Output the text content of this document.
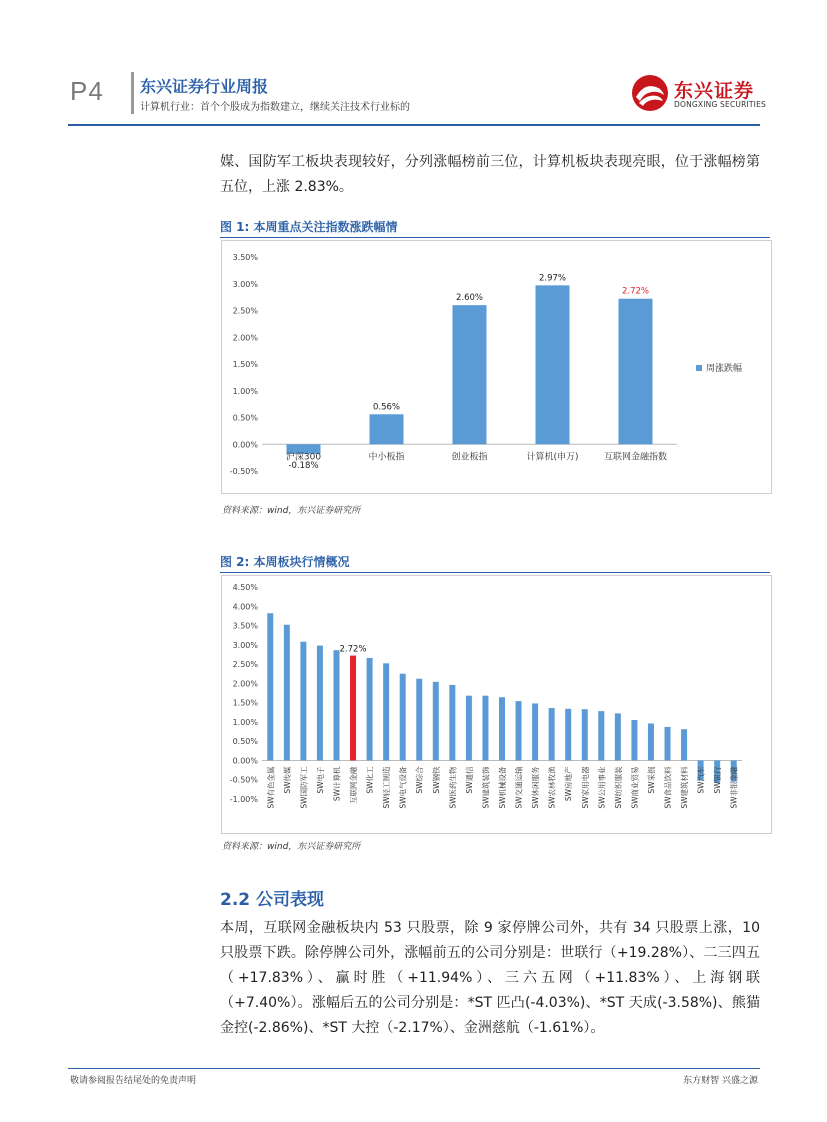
P4 东兴证券行业周报
计算机行业：首个个股成为指数建立，继续关注技术行业标的
东兴证券
DONGXING SECURITIES

媒、国防军工板块表现较好，分列涨幅榜前三位，计算机板块表现亮眼，位于涨幅榜第五位，上涨 2.83%。

图 1: 本周重点关注指数涨跌幅情
-0.50%
0.00%
0.50%
1.00%
1.50%
2.00%
2.50%
3.00%
3.50%
-0.18%
沪深300
0.56%
中小板指
2.60%
创业板指
2.97%
计算机(申万)
2.72%
互联网金融指数
周涨跌幅
资料来源：wind，东兴证券研究所
图 2: 本周板块行情概况
-1.00%
-0.50%
0.00%
0.50%
1.00%
1.50%
2.00%
2.50%
3.00%
3.50%
4.00%
4.50%
SW有色金属 SW传媒 SW国防军工 SW电子 SW计算机 互联网金融
2.72%
SW化工 SW轻工制造 SW电气设备 SW综合 SW钢铁 SW医药生物 SW通信 SW建筑装饰 SW机械设备 SW交通运输 SW休闲服务 SW农林牧渔 SW房地产 SW家用电器 SW公用事业 SW纺织服装 SW商业贸易 SW采掘 SW食品饮料 SW建筑材料 SW汽车 SW银行 SW非银金融
资料来源：wind，东兴证券研究所
2.2 公司表现

本周，互联网金融板块内 53 只股票，除 9 家停牌公司外，共有 34 只股票上涨，10 只股票下跌。除停牌公司外，涨幅前五的公司分别是：世联行（+19.28%）、二三四五（+17.83%）、赢时胜（+11.94%）、三六五网（+11.83%）、上海钢联（+7.40%）。涨幅后五的公司分别是：*ST 匹凸(-4.03%)、*ST 天成(-3.58%)、熊猫金控(-2.86%)、*ST 大控（-2.17%）、金洲慈航（-1.61%）。

敬请参阅报告结尾处的免责声明	东方财智 兴盛之源
